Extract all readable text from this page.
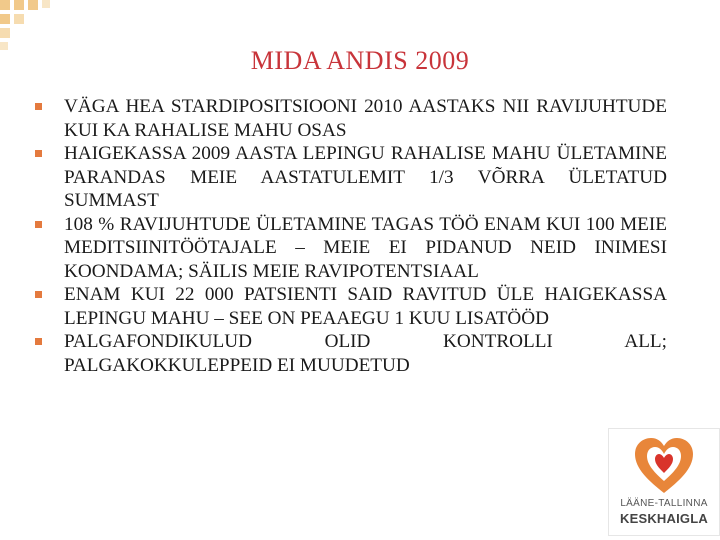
MIDA ANDIS 2009
VÄGA HEA STARDIPOSITSIOONI 2010 AASTAKS NII RAVIJUHTUDE KUI KA RAHALISE MAHU OSAS
HAIGEKASSA 2009 AASTA LEPINGU RAHALISE MAHU ÜLETAMINE PARANDAS MEIE AASTATULEMIT 1/3 VÕRRA ÜLETATUD SUMMAST
108 % RAVIJUHTUDE ÜLETAMINE TAGAS TÖÖ ENAM KUI 100 MEIE MEDITSIINITÖÖTAJALE – MEIE EI PIDANUD NEID INIMESI KOONDAMA; SÄILIS MEIE RAVIPOTENTSIAAL
ENAM KUI 22 000 PATSIENTI SAID RAVITUD ÜLE HAIGEKASSA LEPINGU MAHU – SEE ON PEAAEGU 1 KUU LISATÖÖD
PALGAFONDIKULUD OLID KONTROLLI ALL; PALGAKOKKULEPPEID EI MUUDETUD
LÄÄNE-TALLINNA
KESKHAIGLA
